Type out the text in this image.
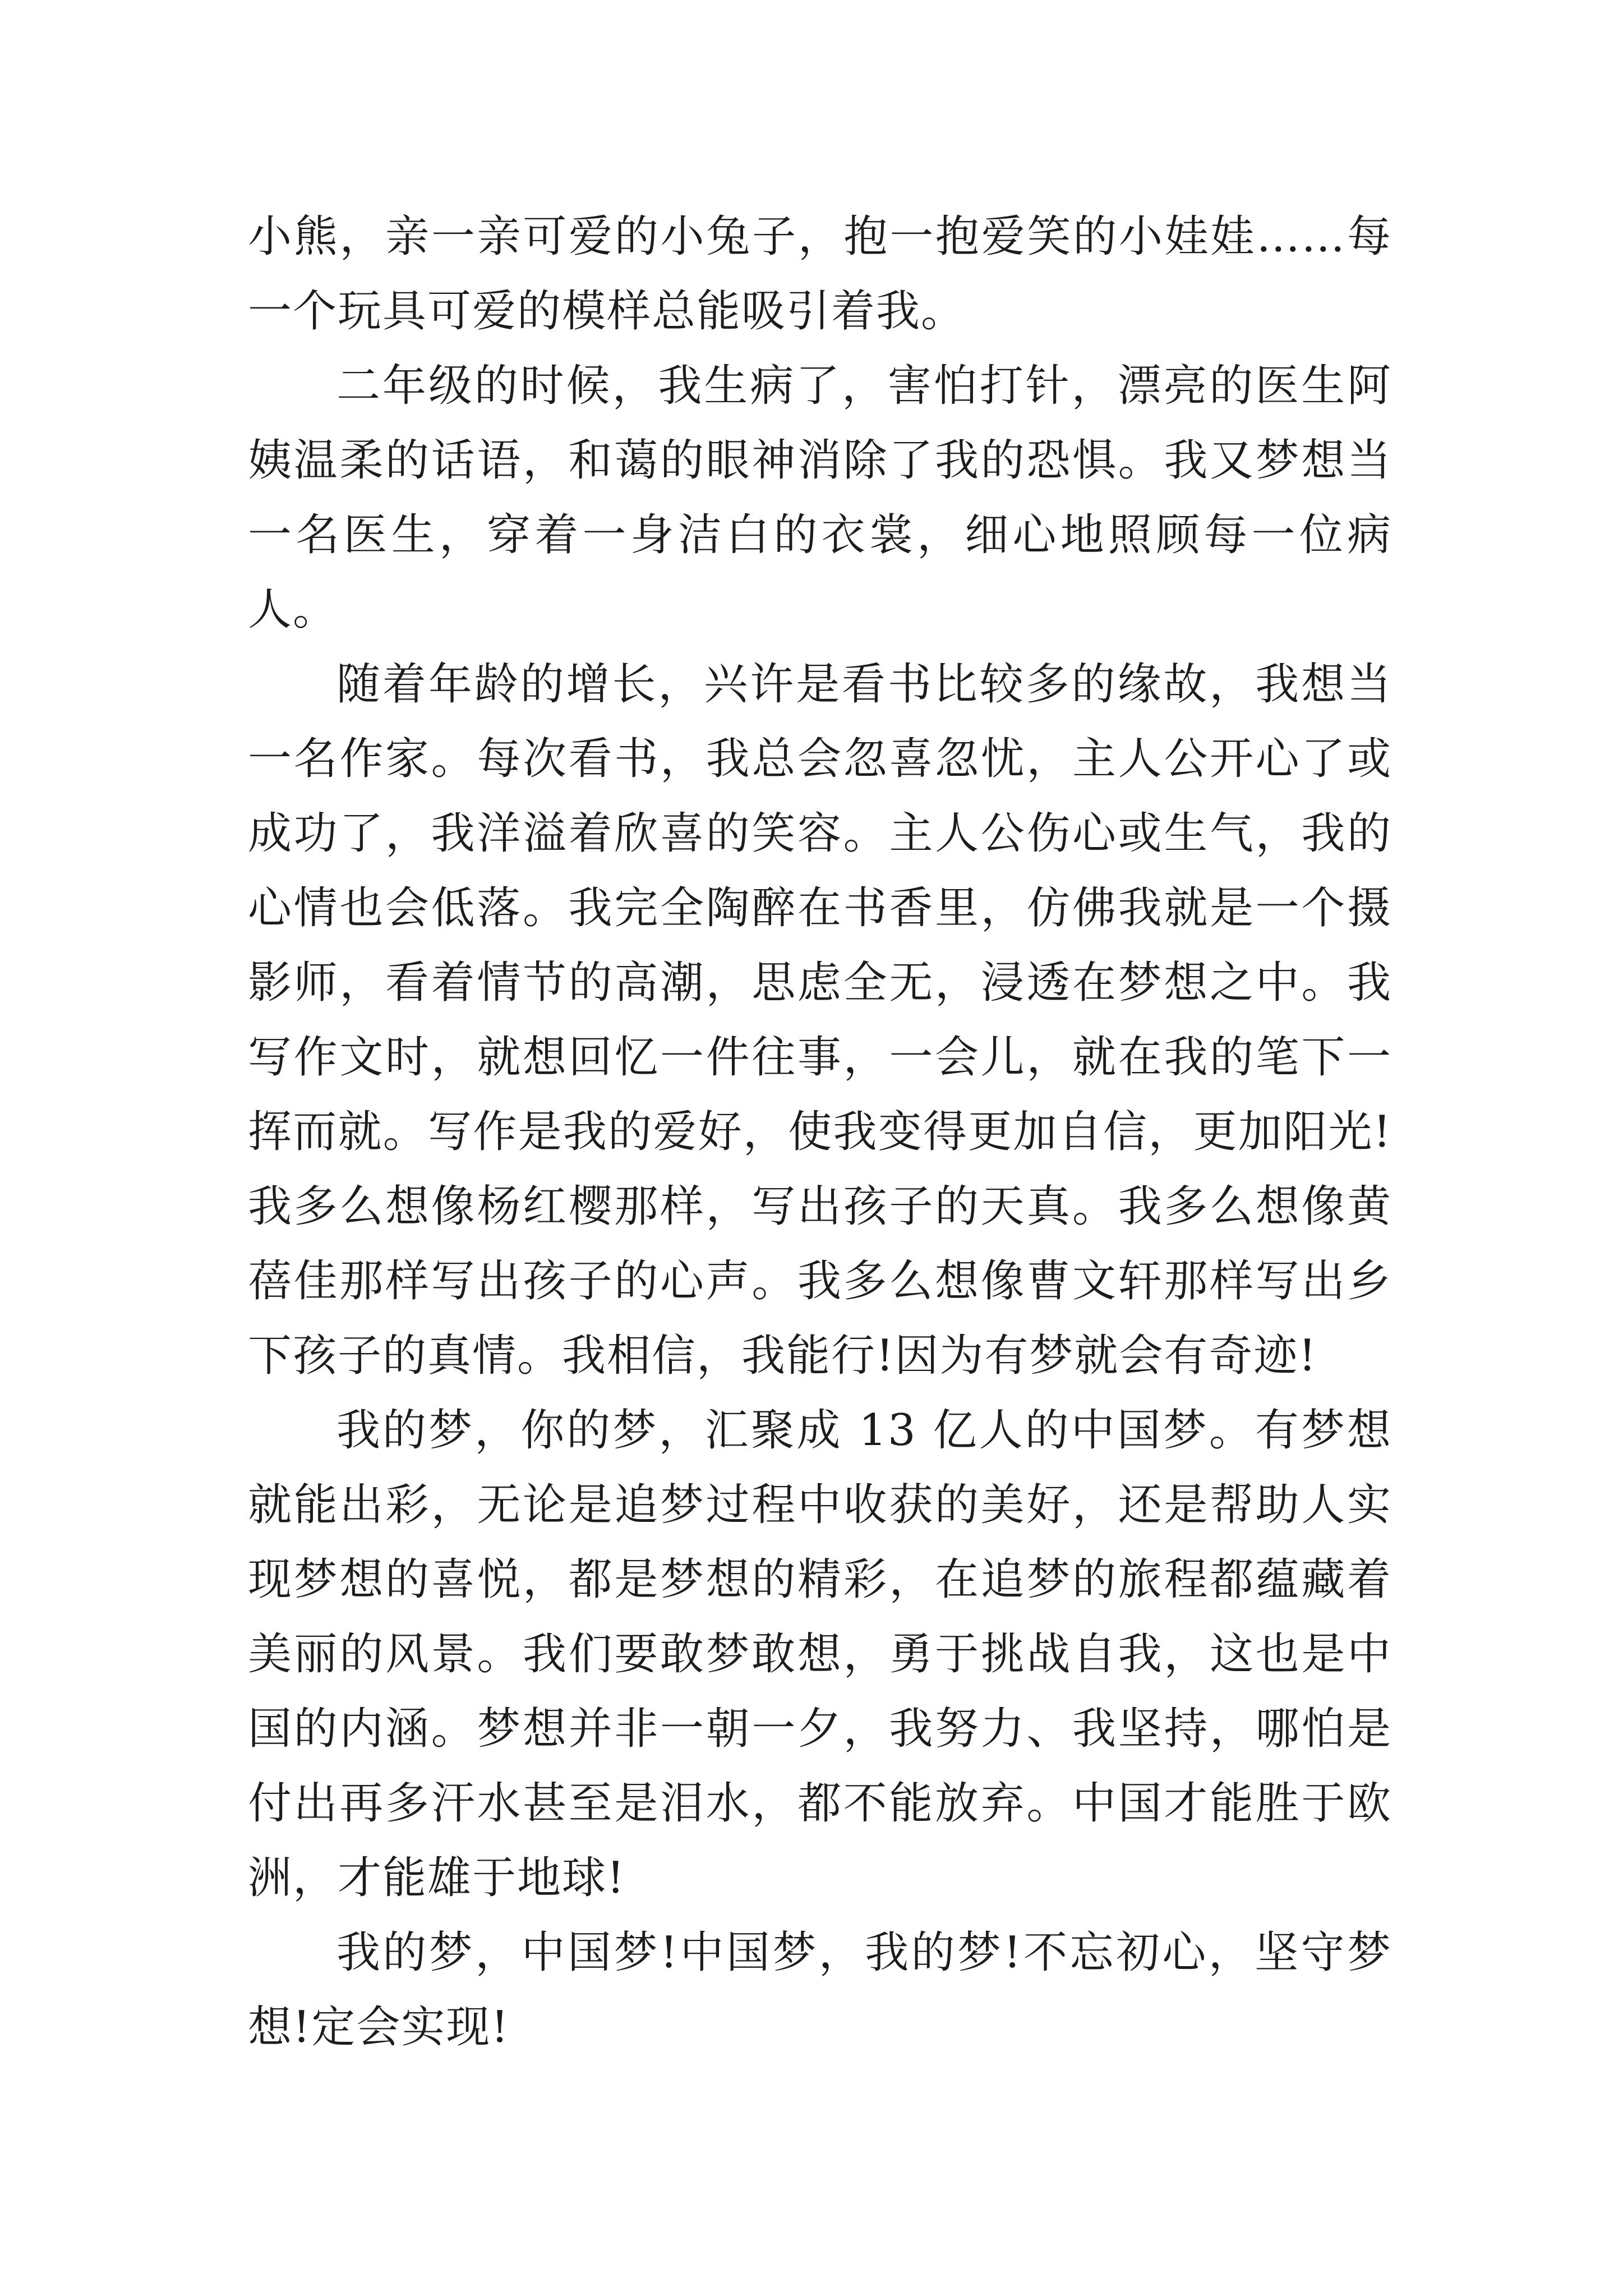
小熊，亲一亲可爱的小兔子，抱一抱爱笑的小娃娃……每一个玩具可爱的模样总能吸引着我。

二年级的时候，我生病了，害怕打针，漂亮的医生阿姨温柔的话语，和蔼的眼神消除了我的恐惧。我又梦想当一名医生，穿着一身洁白的衣裳，细心地照顾每一位病人。

随着年龄的增长，兴许是看书比较多的缘故，我想当一名作家。每次看书，我总会忽喜忽忧，主人公开心了或成功了，我洋溢着欣喜的笑容。主人公伤心或生气，我的心情也会低落。我完全陶醉在书香里，仿佛我就是一个摄影师，看着情节的高潮，思虑全无，浸透在梦想之中。我写作文时，就想回忆一件往事，一会儿，就在我的笔下一挥而就。写作是我的爱好，使我变得更加自信，更加阳光!我多么想像杨红樱那样，写出孩子的天真。我多么想像黄蓓佳那样写出孩子的心声。我多么想像曹文轩那样写出乡下孩子的真情。我相信，我能行!因为有梦就会有奇迹!

我的梦，你的梦，汇聚成 13 亿人的中国梦。有梦想就能出彩，无论是追梦过程中收获的美好，还是帮助人实现梦想的喜悦，都是梦想的精彩，在追梦的旅程都蕴藏着美丽的风景。我们要敢梦敢想，勇于挑战自我，这也是中国的内涵。梦想并非一朝一夕，我努力、我坚持，哪怕是付出再多汗水甚至是泪水，都不能放弃。中国才能胜于欧洲，才能雄于地球!

我的梦，中国梦!中国梦，我的梦!不忘初心，坚守梦想!定会实现!
